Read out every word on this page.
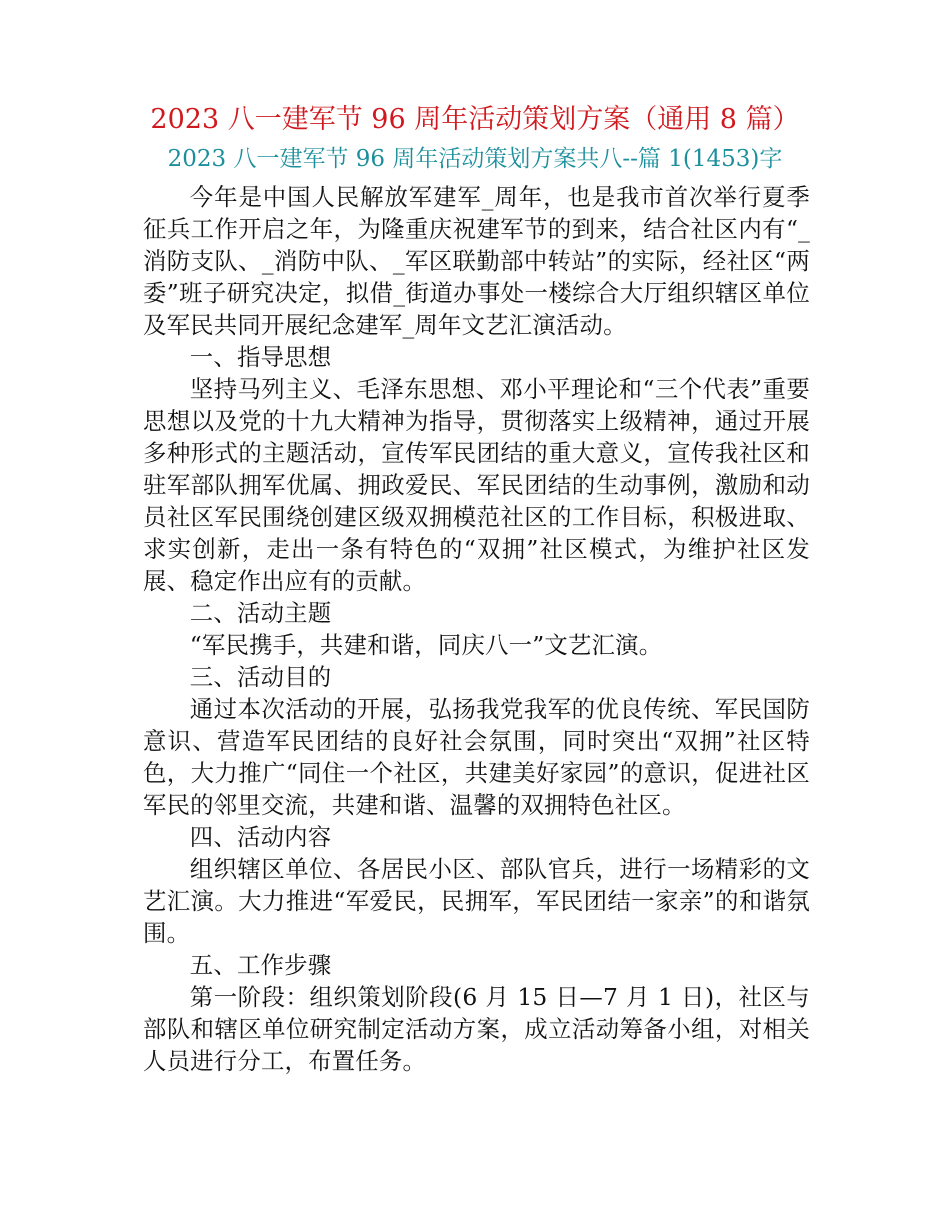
2023 八一建军节 96 周年活动策划方案（通用 8 篇）
2023 八一建军节 96 周年活动策划方案共八--篇 1(1453)字

今年是中国人民解放军建军_周年，也是我市首次举行夏季征兵工作开启之年，为隆重庆祝建军节的到来，结合社区内有“_消防支队、_消防中队、_军区联勤部中转站”的实际，经社区“两委”班子研究决定，拟借_街道办事处一楼综合大厅组织辖区单位及军民共同开展纪念建军_周年文艺汇演活动。

一、指导思想

坚持马列主义、毛泽东思想、邓小平理论和“三个代表”重要思想以及党的十九大精神为指导，贯彻落实上级精神，通过开展多种形式的主题活动，宣传军民团结的重大意义，宣传我社区和驻军部队拥军优属、拥政爱民、军民团结的生动事例，激励和动员社区军民围绕创建区级双拥模范社区的工作目标，积极进取、求实创新，走出一条有特色的“双拥”社区模式，为维护社区发展、稳定作出应有的贡献。

二、活动主题

“军民携手，共建和谐，同庆八一”文艺汇演。

三、活动目的

通过本次活动的开展，弘扬我党我军的优良传统、军民国防意识、营造军民团结的良好社会氛围，同时突出“双拥”社区特色，大力推广“同住一个社区，共建美好家园”的意识，促进社区军民的邻里交流，共建和谐、温馨的双拥特色社区。

四、活动内容

组织辖区单位、各居民小区、部队官兵，进行一场精彩的文艺汇演。大力推进“军爱民，民拥军，军民团结一家亲”的和谐氛围。

五、工作步骤

第一阶段：组织策划阶段(6 月 15 日—7 月 1 日)，社区与部队和辖区单位研究制定活动方案，成立活动筹备小组，对相关人员进行分工，布置任务。
